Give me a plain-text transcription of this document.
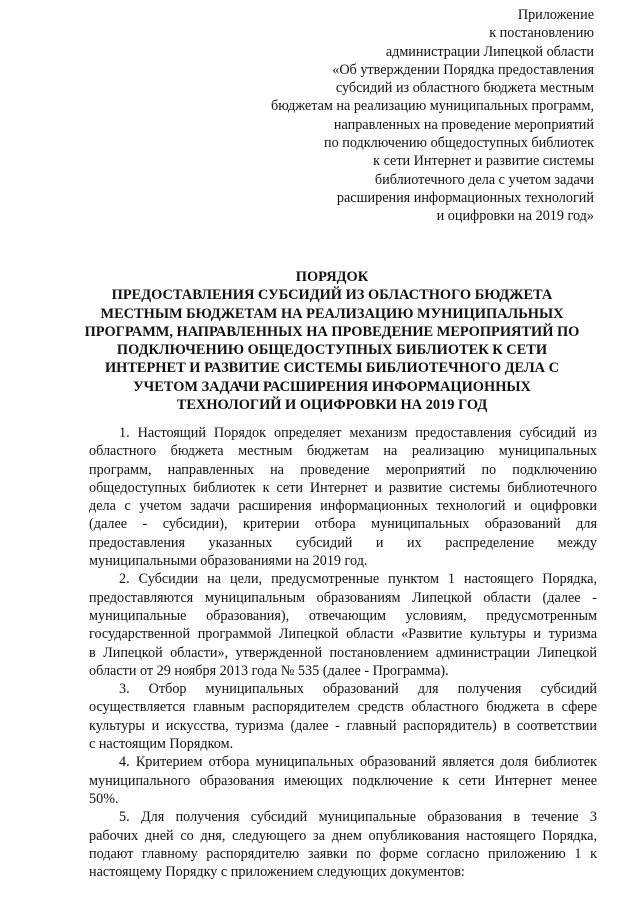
Приложение
к постановлению
администрации Липецкой области
«Об утверждении Порядка предоставления
субсидий из областного бюджета местным
бюджетам на реализацию муниципальных программ,
направленных на проведение мероприятий
по подключению общедоступных библиотек
к сети Интернет и развитие системы
библиотечного дела с учетом задачи
расширения информационных технологий
и оцифровки на 2019 год»
ПОРЯДОК
ПРЕДОСТАВЛЕНИЯ СУБСИДИЙ ИЗ ОБЛАСТНОГО БЮДЖЕТА
МЕСТНЫМ БЮДЖЕТАМ НА РЕАЛИЗАЦИЮ МУНИЦИПАЛЬНЫХ
ПРОГРАММ, НАПРАВЛЕННЫХ НА ПРОВЕДЕНИЕ МЕРОПРИЯТИЙ ПО
ПОДКЛЮЧЕНИЮ ОБЩЕДОСТУПНЫХ БИБЛИОТЕК К СЕТИ
ИНТЕРНЕТ И РАЗВИТИЕ СИСТЕМЫ БИБЛИОТЕЧНОГО ДЕЛА С
УЧЕТОМ ЗАДАЧИ РАСШИРЕНИЯ ИНФОРМАЦИОННЫХ
ТЕХНОЛОГИЙ И ОЦИФРОВКИ НА 2019 ГОД
1. Настоящий Порядок определяет механизм предоставления субсидий из
областного бюджета местным бюджетам на реализацию муниципальных
программ, направленных на проведение мероприятий по подключению
общедоступных библиотек к сети Интернет и развитие системы библиотечного
дела с учетом задачи расширения информационных технологий и оцифровки
(далее - субсидии), критерии отбора муниципальных образований для
предоставления указанных субсидий и их распределение между
муниципальными образованиями на 2019 год.
2. Субсидии на цели, предусмотренные пунктом 1 настоящего Порядка,
предоставляются муниципальным образованиям Липецкой области (далее -
муниципальные образования), отвечающим условиям, предусмотренным
государственной программой Липецкой области «Развитие культуры и туризма
в Липецкой области», утвержденной постановлением администрации Липецкой
области от 29 ноября 2013 года № 535 (далее - Программа).
3. Отбор муниципальных образований для получения субсидий
осуществляется главным распорядителем средств областного бюджета в сфере
культуры и искусства, туризма (далее - главный распорядитель) в соответствии
с настоящим Порядком.
4. Критерием отбора муниципальных образований является доля библиотек
муниципального образования имеющих подключение к сети Интернет менее
50%.
5. Для получения субсидий муниципальные образования в течение 3
рабочих дней со дня, следующего за днем опубликования настоящего Порядка,
подают главному распорядителю заявки по форме согласно приложению 1 к
настоящему Порядку с приложением следующих документов:
